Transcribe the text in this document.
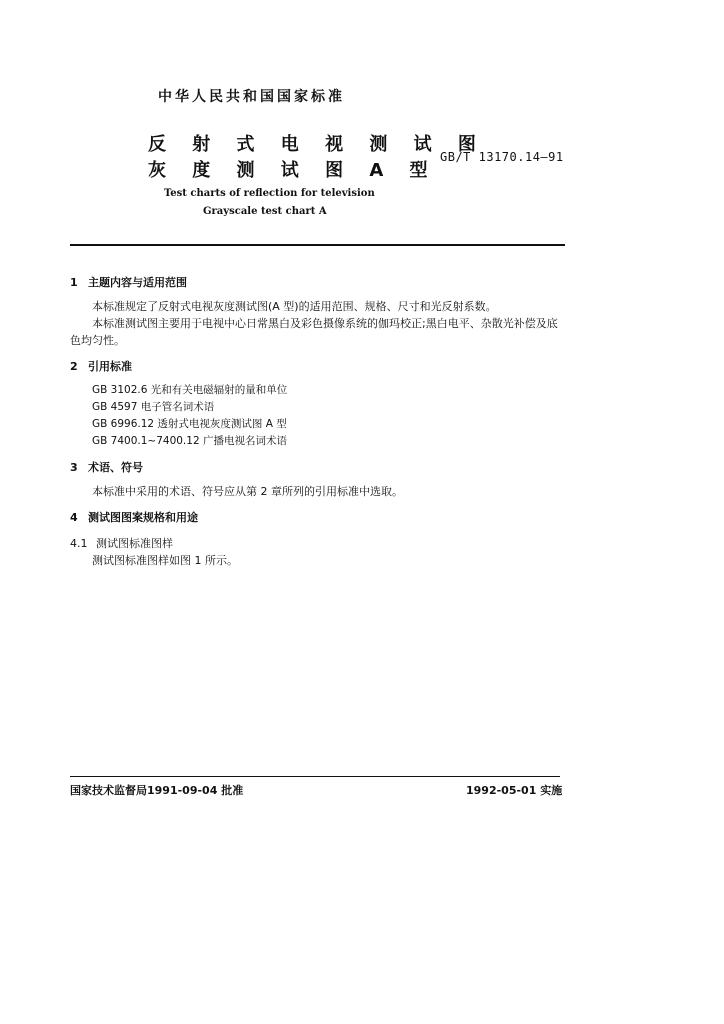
中华人民共和国国家标准
反 射 式 电 视 测 试 图
灰 度 测 试 图 A 型
GB/T 13170.14—91
Test charts of reflection for television
Grayscale test chart A
1 主题内容与适用范围
本标准规定了反射式电视灰度测试图(A 型)的适用范围、规格、尺寸和光反射系数。
本标准测试图主要用于电视中心日常黑白及彩色摄像系统的伽玛校正;黑白电平、杂散光补偿及底
色均匀性。
2 引用标准
GB 3102.6 光和有关电磁辐射的量和单位
GB 4597 电子管名词术语
GB 6996.12 透射式电视灰度测试图 A 型
GB 7400.1~7400.12 广播电视名词术语
3 术语、符号
本标准中采用的术语、符号应从第 2 章所列的引用标准中选取。
4 测试图图案规格和用途
4.1 测试图标准图样
测试图标准图样如图 1 所示。
国家技术监督局1991-09-04 批准	1992-05-01 实施
